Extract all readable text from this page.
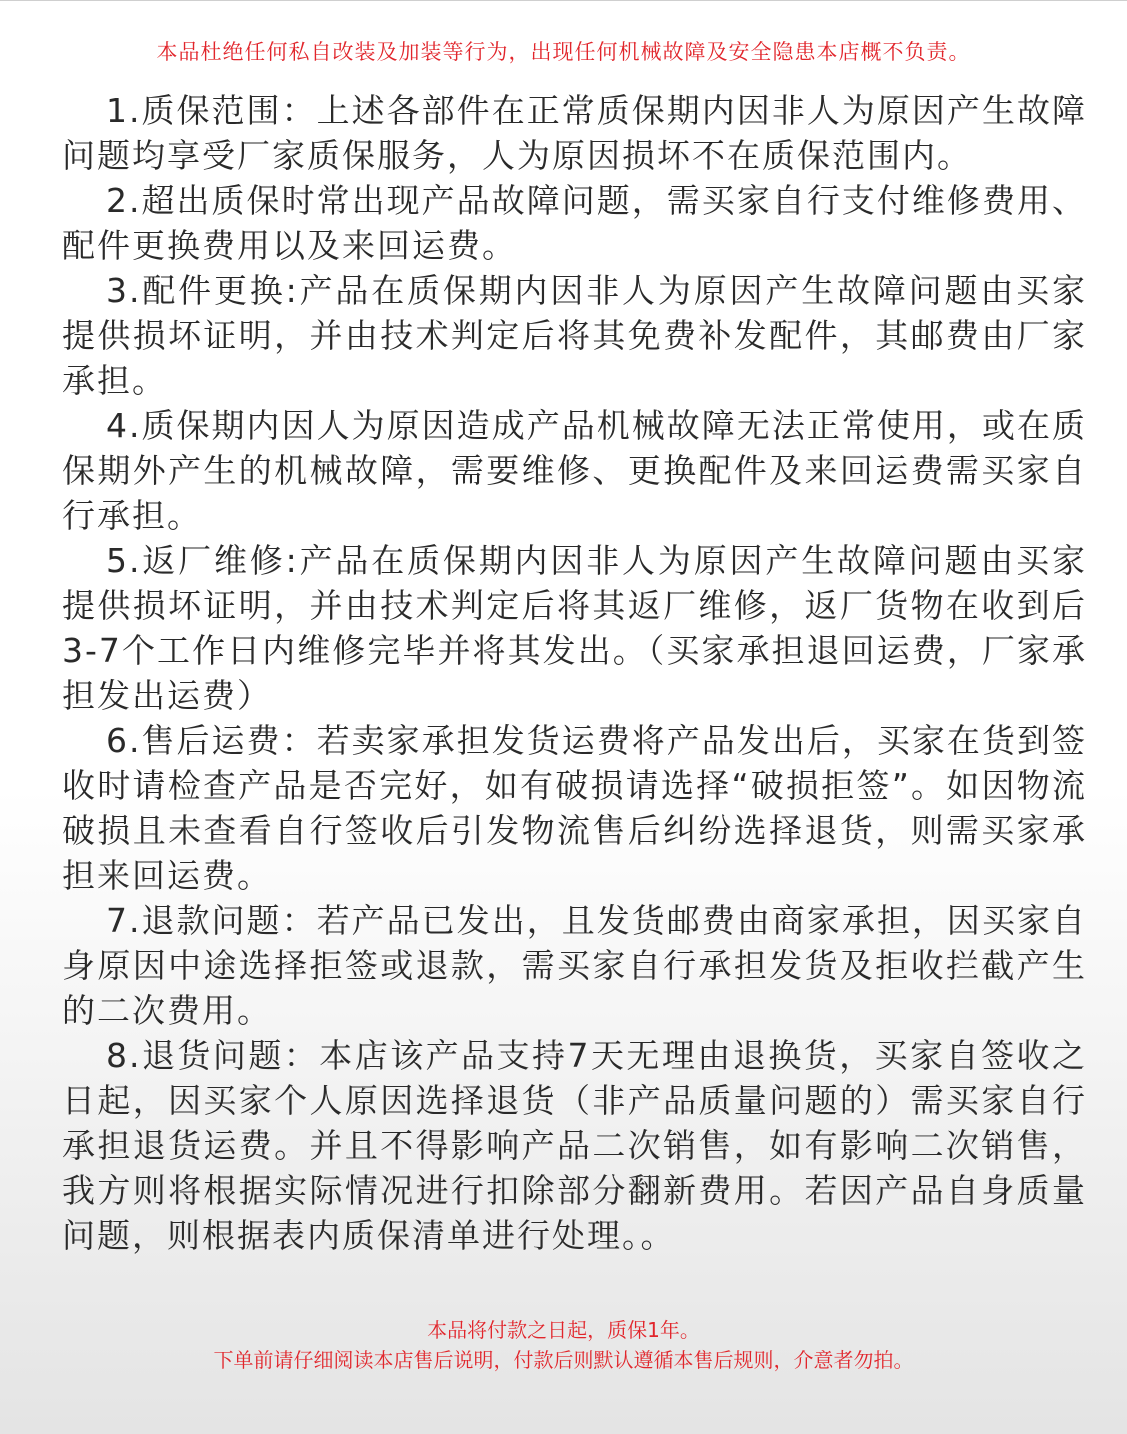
本品杜绝任何私自改装及加装等行为，出现任何机械故障及安全隐患本店概不负责。
1.质保范围：上述各部件在正常质保期内因非人为原因产生故障问题均享受厂家质保服务，人为原因损坏不在质保范围内。
2.超出质保时常出现产品故障问题，需买家自行支付维修费用、配件更换费用以及来回运费。
3.配件更换:产品在质保期内因非人为原因产生故障问题由买家提供损坏证明，并由技术判定后将其免费补发配件，其邮费由厂家承担。
4.质保期内因人为原因造成产品机械故障无法正常使用，或在质保期外产生的机械故障，需要维修、更换配件及来回运费需买家自行承担。
5.返厂维修:产品在质保期内因非人为原因产生故障问题由买家提供损坏证明，并由技术判定后将其返厂维修，返厂货物在收到后3-7个工作日内维修完毕并将其发出。（买家承担退回运费，厂家承担发出运费）
6.售后运费：若卖家承担发货运费将产品发出后，买家在货到签收时请检查产品是否完好，如有破损请选择“破损拒签”。如因物流破损且未查看自行签收后引发物流售后纠纷选择退货，则需买家承担来回运费。
7.退款问题：若产品已发出，且发货邮费由商家承担，因买家自身原因中途选择拒签或退款，需买家自行承担发货及拒收拦截产生的二次费用。
8.退货问题：本店该产品支持7天无理由退换货，买家自签收之日起，因买家个人原因选择退货（非产品质量问题的）需买家自行承担退货运费。并且不得影响产品二次销售，如有影响二次销售，我方则将根据实际情况进行扣除部分翻新费用。若因产品自身质量问题，则根据表内质保清单进行处理。。
本品将付款之日起，质保1年。
下单前请仔细阅读本店售后说明，付款后则默认遵循本售后规则，介意者勿拍。
